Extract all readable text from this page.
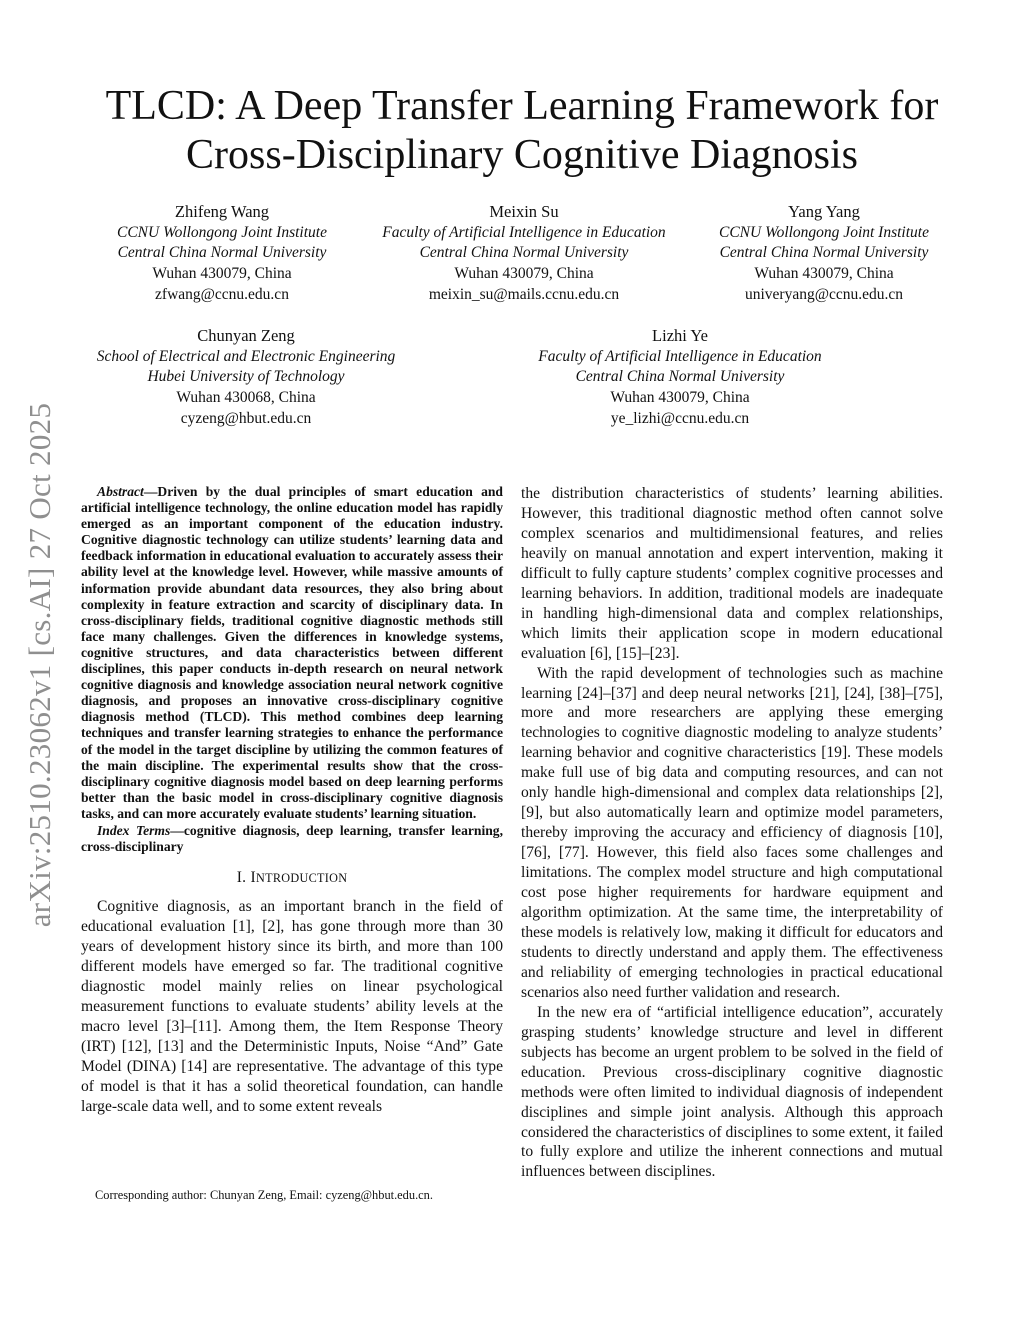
arXiv:2510.23062v1 [cs.AI] 27 Oct 2025
TLCD: A Deep Transfer Learning Framework for
Cross-Disciplinary Cognitive Diagnosis
Zhifeng Wang
CCNU Wollongong Joint Institute
Central China Normal University
Wuhan 430079, China
zfwang@ccnu.edu.cn
Meixin Su
Faculty of Artificial Intelligence in Education
Central China Normal University
Wuhan 430079, China
meixin_su@mails.ccnu.edu.cn
Yang Yang
CCNU Wollongong Joint Institute
Central China Normal University
Wuhan 430079, China
univeryang@ccnu.edu.cn
Chunyan Zeng
School of Electrical and Electronic Engineering
Hubei University of Technology
Wuhan 430068, China
cyzeng@hbut.edu.cn
Lizhi Ye
Faculty of Artificial Intelligence in Education
Central China Normal University
Wuhan 430079, China
ye_lizhi@ccnu.edu.cn

Abstract—Driven by the dual principles of smart education and artificial intelligence technology, the online education model has rapidly emerged as an important component of the education industry. Cognitive diagnostic technology can utilize students’ learning data and feedback information in educational evaluation to accurately assess their ability level at the knowledge level. However, while massive amounts of information provide abundant data resources, they also bring about complexity in feature extraction and scarcity of disciplinary data. In cross-disciplinary fields, traditional cognitive diagnostic methods still face many challenges. Given the differences in knowledge systems, cognitive structures, and data characteristics between different disciplines, this paper conducts in-depth research on neural network cognitive diagnosis and knowledge association neural network cognitive diagnosis, and proposes an innovative cross-disciplinary cognitive diagnosis method (TLCD). This method combines deep learning techniques and transfer learning strategies to enhance the performance of the model in the target discipline by utilizing the common features of the main discipline. The experimental results show that the cross-disciplinary cognitive diagnosis model based on deep learning performs better than the basic model in cross-disciplinary cognitive diagnosis tasks, and can more accurately evaluate students’ learning situation.

Index Terms—cognitive diagnosis, deep learning, transfer learning, cross-disciplinary

I. INTRODUCTION

Cognitive diagnosis, as an important branch in the field of educational evaluation [1], [2], has gone through more than 30 years of development history since its birth, and more than 100 different models have emerged so far. The traditional cognitive diagnostic model mainly relies on linear psychological measurement functions to evaluate students’ ability levels at the macro level [3]–[11]. Among them, the Item Response Theory (IRT) [12], [13] and the Deterministic Inputs, Noise “And” Gate Model (DINA) [14] are representative. The advantage of this type of model is that it has a solid theoretical foundation, can handle large-scale data well, and to some extent reveals

the distribution characteristics of students’ learning abilities. However, this traditional diagnostic method often cannot solve complex scenarios and multidimensional features, and relies heavily on manual annotation and expert intervention, making it difficult to fully capture students’ complex cognitive processes and learning behaviors. In addition, traditional models are inadequate in handling high-dimensional data and complex relationships, which limits their application scope in modern educational evaluation [6], [15]–[23].

With the rapid development of technologies such as machine learning [24]–[37] and deep neural networks [21], [24], [38]–[75], more and more researchers are applying these emerging technologies to cognitive diagnostic modeling to analyze students’ learning behavior and cognitive characteristics [19]. These models make full use of big data and computing resources, and can not only handle high-dimensional and complex data relationships [2], [9], but also automatically learn and optimize model parameters, thereby improving the accuracy and efficiency of diagnosis [10], [76], [77]. However, this field also faces some challenges and limitations. The complex model structure and high computational cost pose higher requirements for hardware equipment and algorithm optimization. At the same time, the interpretability of these models is relatively low, making it difficult for educators and students to directly understand and apply them. The effectiveness and reliability of emerging technologies in practical educational scenarios also need further validation and research.

In the new era of “artificial intelligence education”, accurately grasping students’ knowledge structure and level in different subjects has become an urgent problem to be solved in the field of education. Previous cross-disciplinary cognitive diagnostic methods were often limited to individual diagnosis of independent disciplines and simple joint analysis. Although this approach considered the characteristics of disciplines to some extent, it failed to fully explore and utilize the inherent connections and mutual influences between disciplines.

Corresponding author: Chunyan Zeng, Email: cyzeng@hbut.edu.cn.
